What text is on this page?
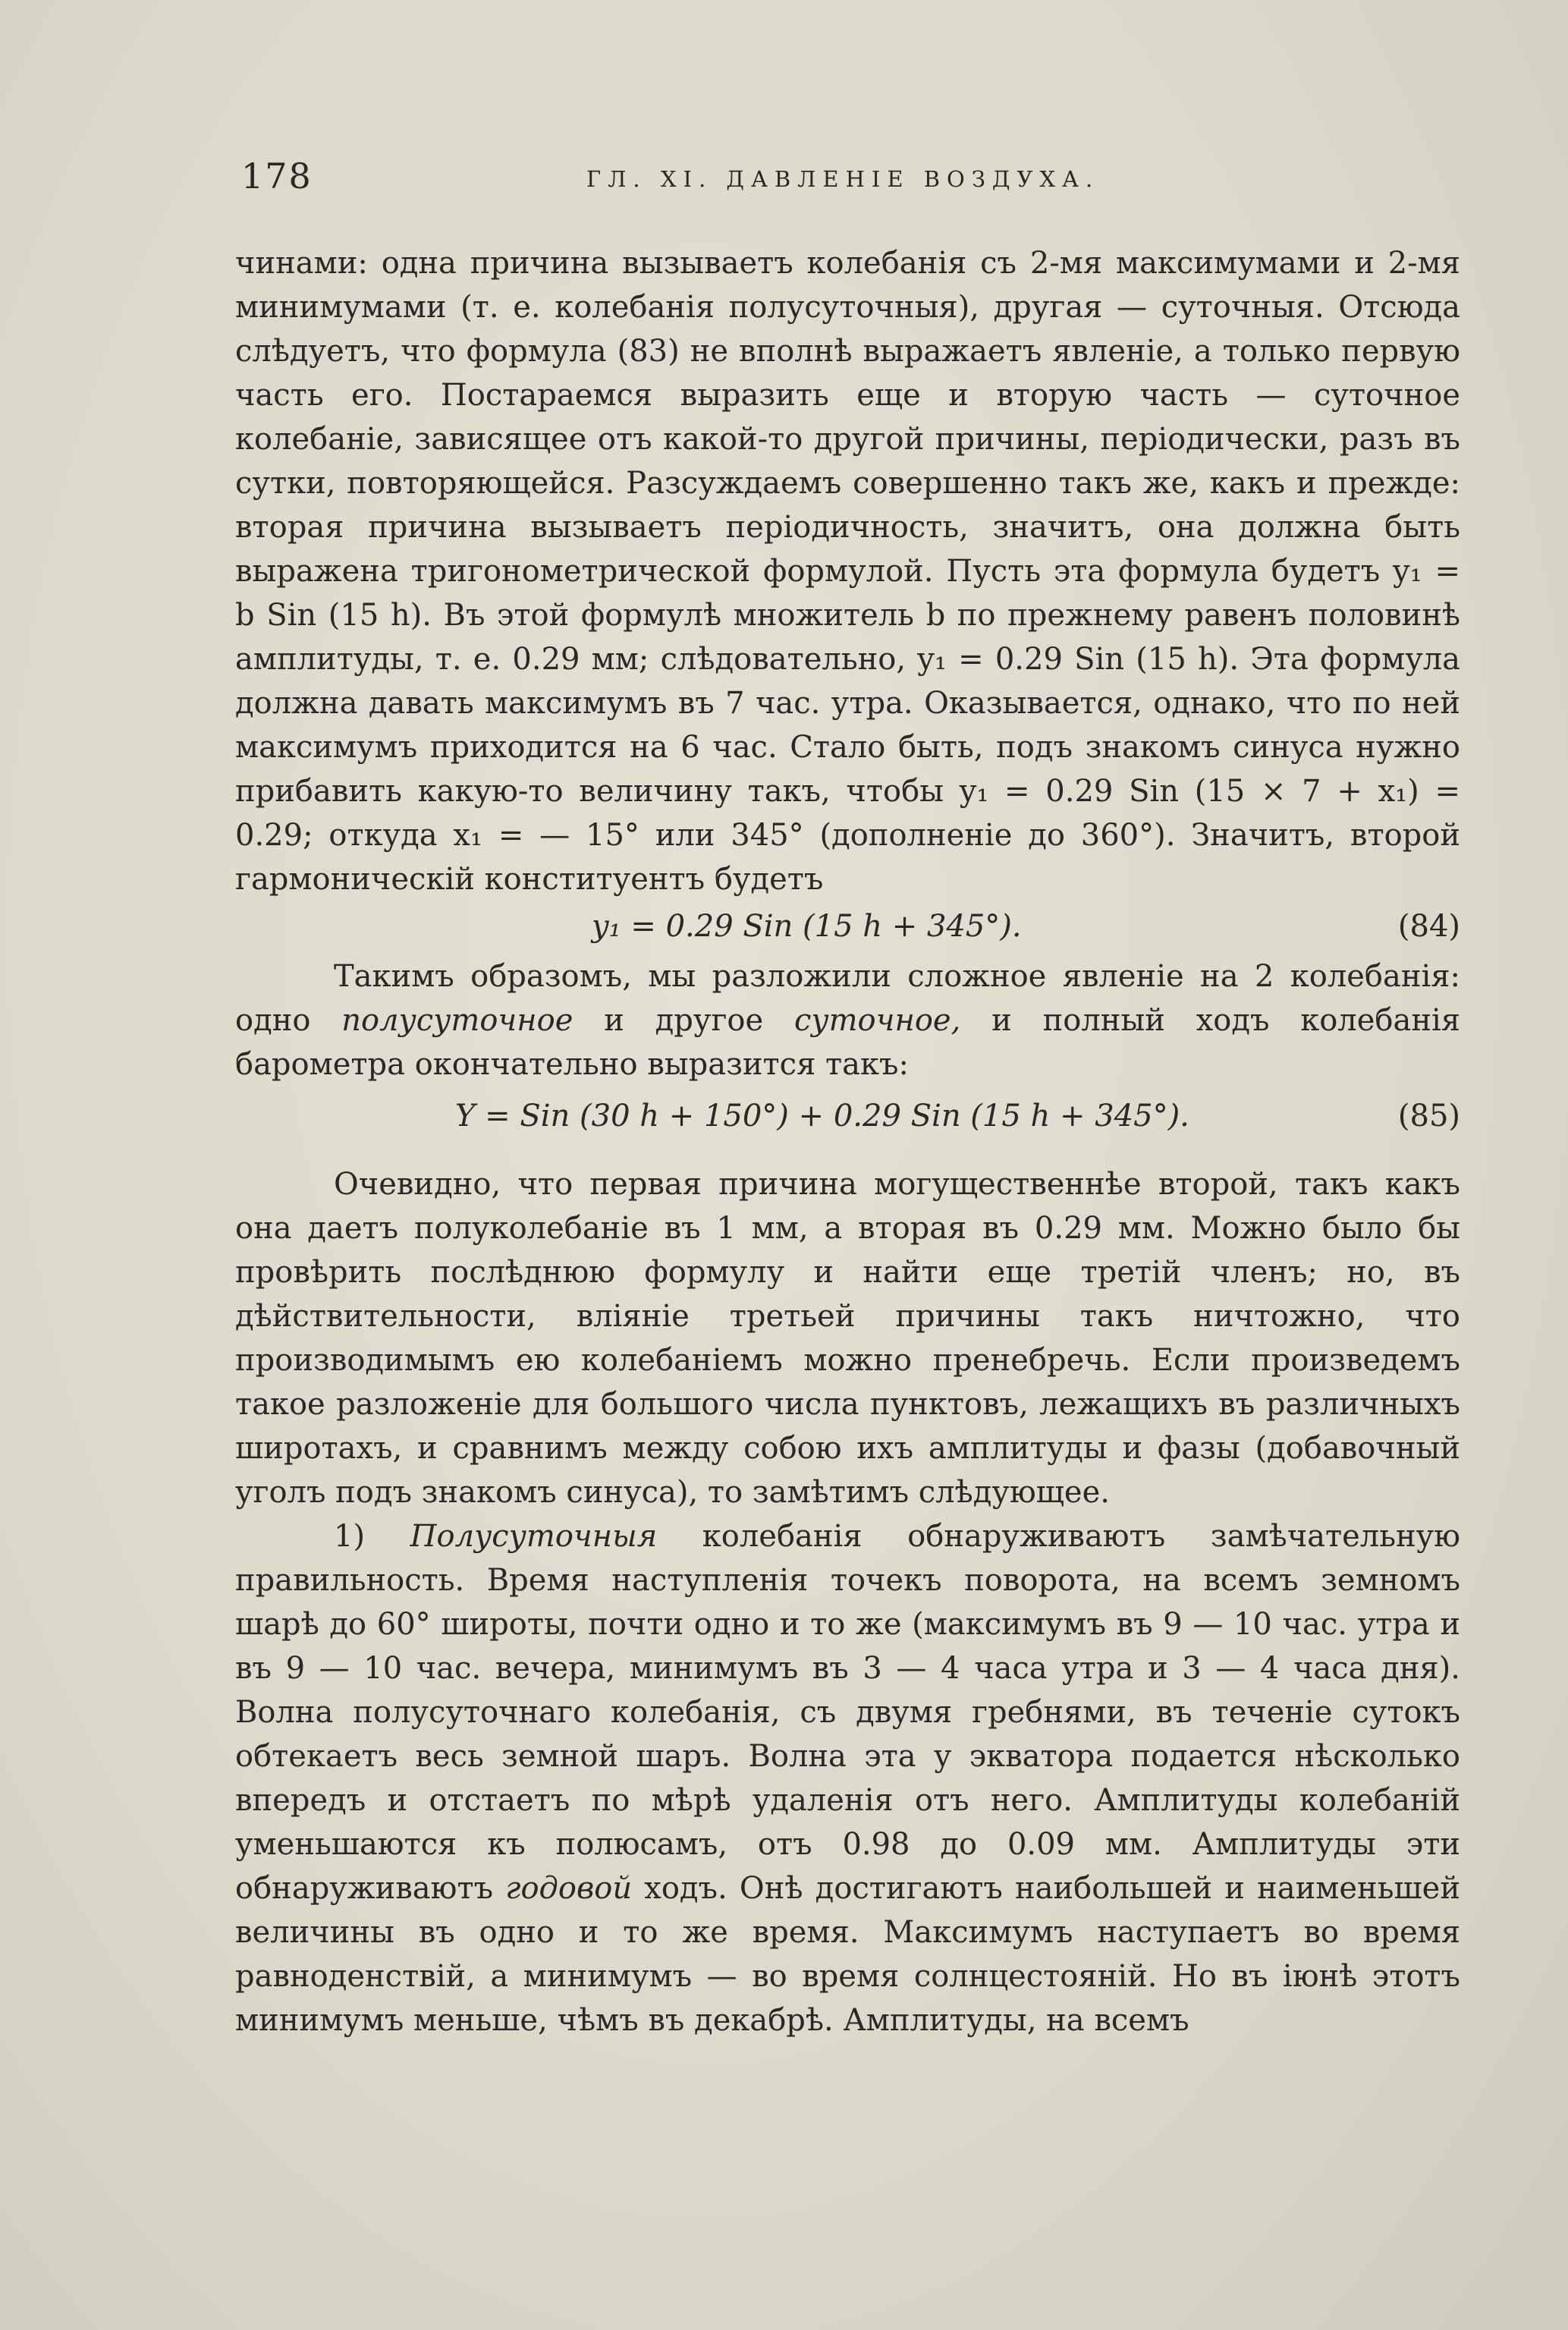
178	ГЛ. XI. ДАВЛЕНІЕ ВОЗДУХА.

чинами: одна причина вызываетъ колебанія съ 2-мя максимумами и 2-мя минимумами (т. е. колебанія полусуточныя), другая — суточныя. Отсюда слѣдуетъ, что формула (83) не вполнѣ выражаетъ явленіе, а только первую часть его. Постараемся выразить еще и вторую часть — суточное колебаніе, зависящее отъ какой-то другой причины, періодически, разъ въ сутки, повторяющейся. Разсуждаемъ совершенно такъ же, какъ и прежде: вторая причина вызываетъ періодичность, значитъ, она должна быть выражена тригонометрической формулой. Пусть эта формула будетъ y₁ = b Sin (15 h). Въ этой формулѣ множитель b по прежнему равенъ половинѣ амплитуды, т. е. 0.29 мм; слѣдовательно, y₁ = 0.29 Sin (15 h). Эта формула должна давать максимумъ въ 7 час. утра. Оказывается, однако, что по ней максимумъ приходится на 6 час. Стало быть, подъ знакомъ синуса нужно прибавить какую-то величину такъ, чтобы y₁ = 0.29 Sin (15 × 7 + x₁) = 0.29; откуда x₁ = — 15° или 345° (дополненіе до 360°). Значитъ, второй гармоническій конституентъ будетъ

y₁ = 0.29 Sin (15 h + 345°).	(84)

Такимъ образомъ, мы разложили сложное явленіе на 2 колебанія: одно полусуточное и другое суточное, и полный ходъ колебанія барометра окончательно выразится такъ:

Y = Sin (30 h + 150°) + 0.29 Sin (15 h + 345°).	(85)

Очевидно, что первая причина могущественнѣе второй, такъ какъ она даетъ полуколебаніе въ 1 мм, а вторая въ 0.29 мм. Можно было бы провѣрить послѣднюю формулу и найти еще третій членъ; но, въ дѣйствительности, вліяніе третьей причины такъ ничтожно, что производимымъ ею колебаніемъ можно пренебречь. Если произведемъ такое разложеніе для большого числа пунктовъ, лежащихъ въ различныхъ широтахъ, и сравнимъ между собою ихъ амплитуды и фазы (добавочный уголъ подъ знакомъ синуса), то замѣтимъ слѣдующее.

1) Полусуточныя колебанія обнаруживаютъ замѣчательную правильность. Время наступленія точекъ поворота, на всемъ земномъ шарѣ до 60° широты, почти одно и то же (максимумъ въ 9 — 10 час. утра и въ 9 — 10 час. вечера, минимумъ въ 3 — 4 часа утра и 3 — 4 часа дня). Волна полусуточнаго колебанія, съ двумя гребнями, въ теченіе сутокъ обтекаетъ весь земной шаръ. Волна эта у экватора подается нѣсколько впередъ и отстаетъ по мѣрѣ удаленія отъ него. Амплитуды колебаній уменьшаются къ полюсамъ, отъ 0.98 до 0.09 мм. Амплитуды эти обнаруживаютъ годовой ходъ. Онѣ достигаютъ наибольшей и наименьшей величины въ одно и то же время. Максимумъ наступаетъ во время равноденствій, а минимумъ — во время солнцестояній. Но въ іюнѣ этотъ минимумъ меньше, чѣмъ въ декабрѣ. Амплитуды, на всемъ
